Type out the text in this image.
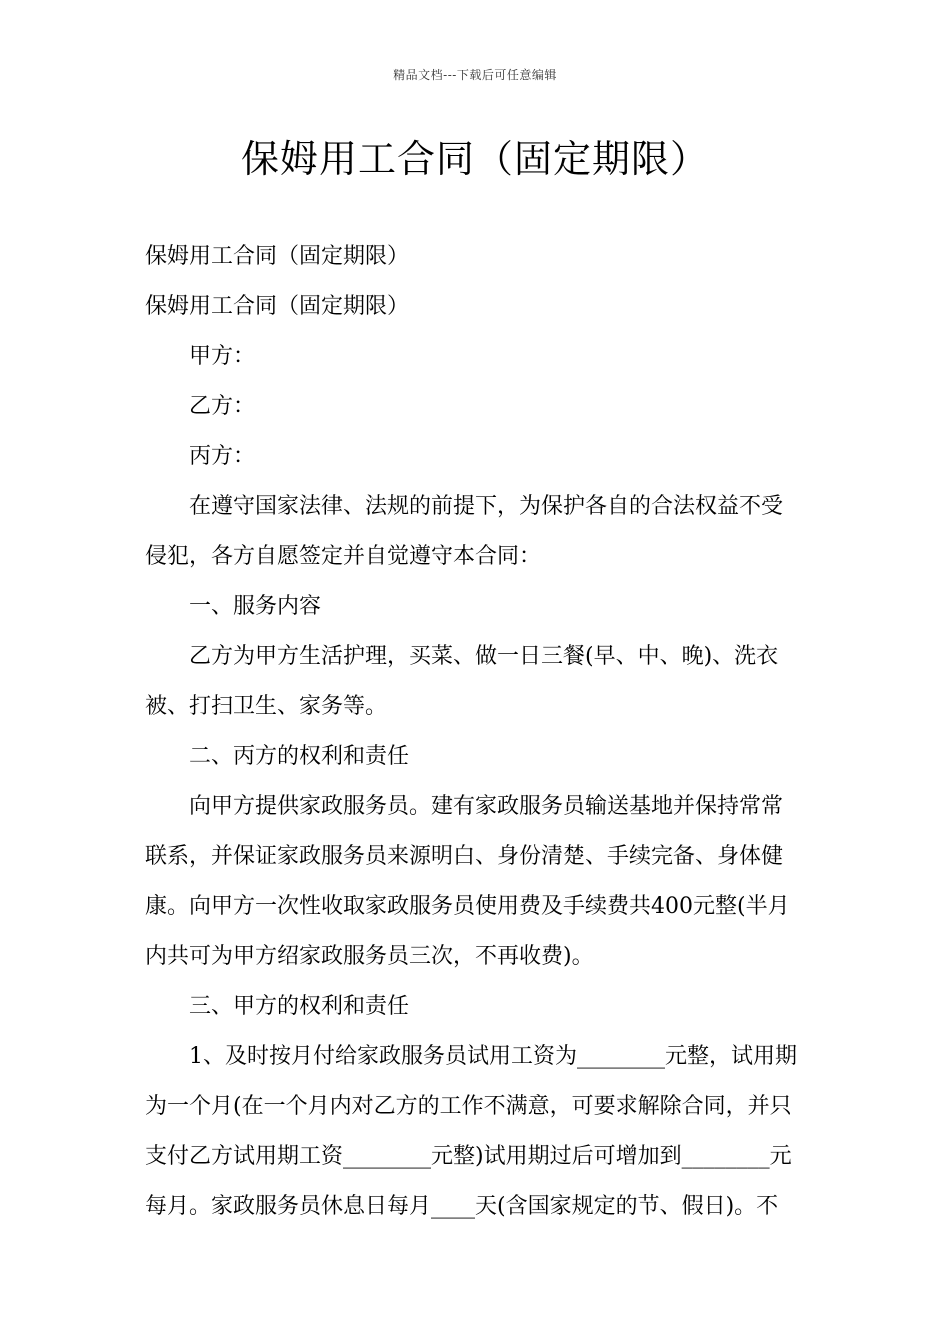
精品文档---下载后可任意编辑
保姆用工合同（固定期限）
保姆用工合同（固定期限）
保姆用工合同（固定期限）
甲方：
乙方：
丙方：
在遵守国家法律、法规的前提下，为保护各自的合法权益不受
侵犯，各方自愿签定并自觉遵守本合同：
一、服务内容
乙方为甲方生活护理，买菜、做一日三餐(早、中、晚)、洗衣
被、打扫卫生、家务等。
二、丙方的权利和责任
向甲方提供家政服务员。建有家政服务员输送基地并保持常常
联系，并保证家政服务员来源明白、身份清楚、手续完备、身体健
康。向甲方一次性收取家政服务员使用费及手续费共400元整(半月
内共可为甲方绍家政服务员三次，不再收费)。
三、甲方的权利和责任
1、及时按月付给家政服务员试用工资为________元整，试用期
为一个月(在一个月内对乙方的工作不满意，可要求解除合同，并只
支付乙方试用期工资________元整)试用期过后可增加到________元
每月。家政服务员休息日每月____天(含国家规定的节、假日)。不
